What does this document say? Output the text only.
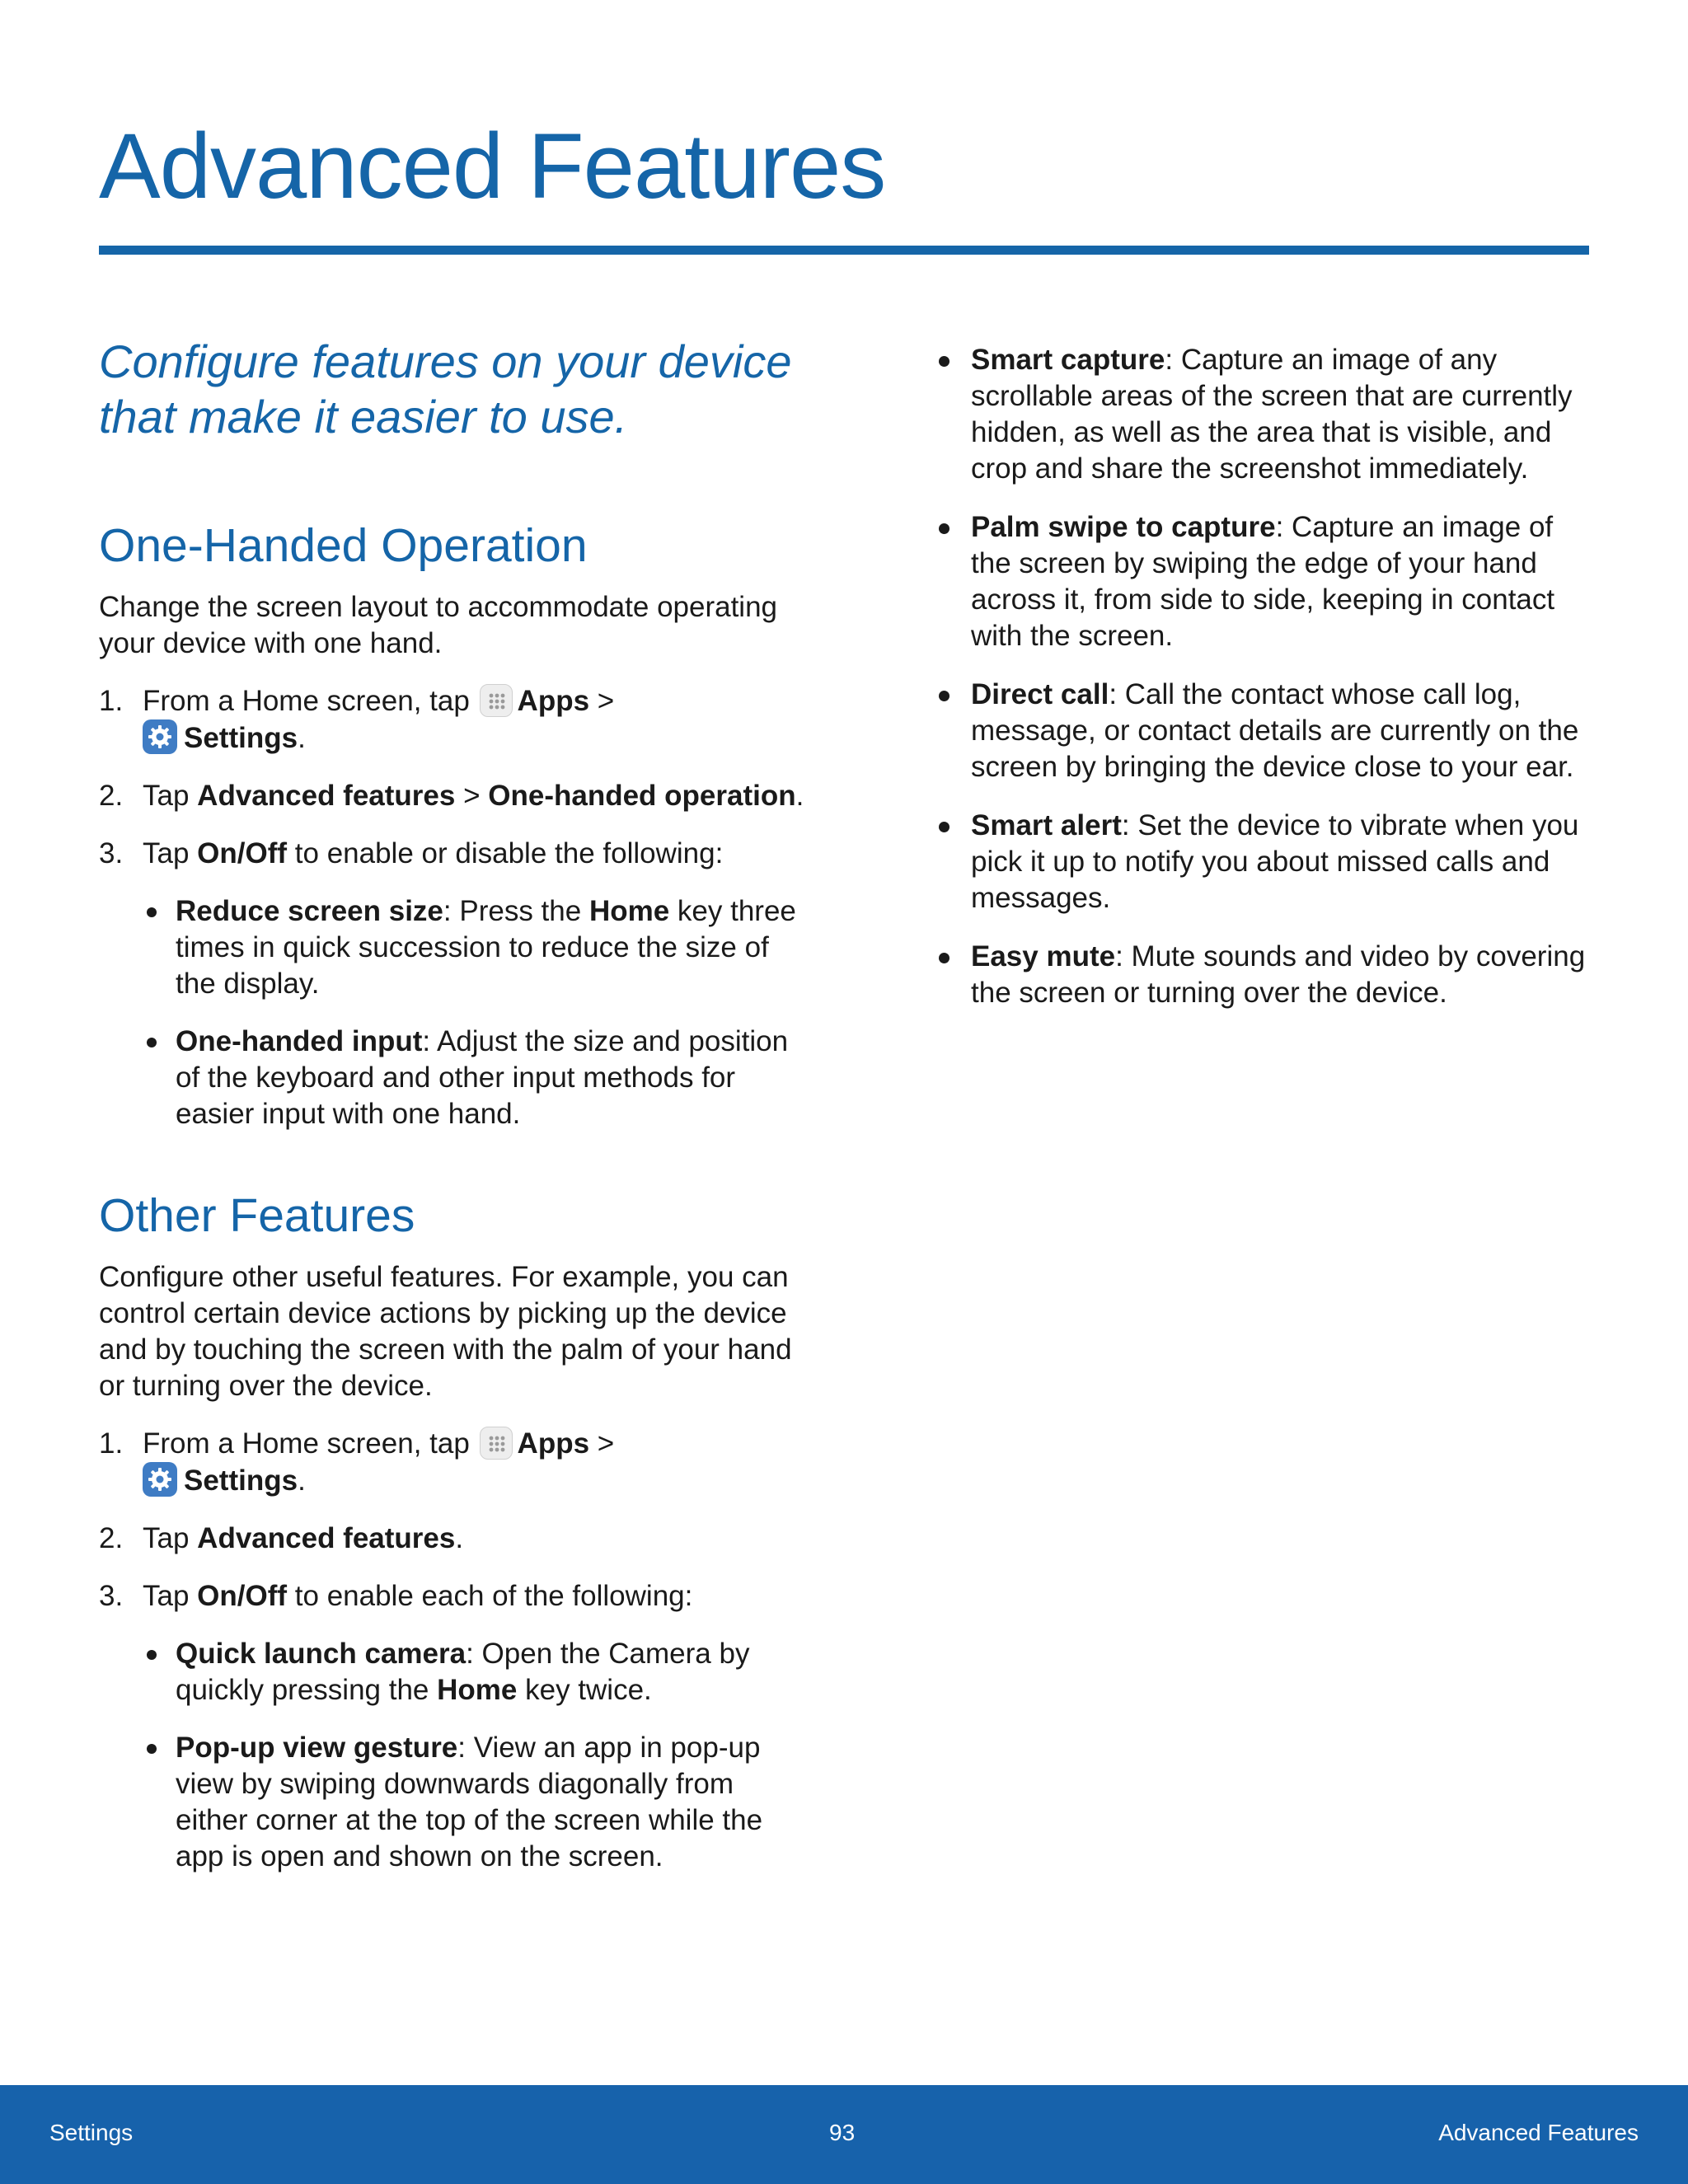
Advanced Features

Configure features on your device that make it easier to use.

One-Handed Operation

Change the screen layout to accommodate operating your device with one hand.

1. From a Home screen, tap Apps >

Settings.
2. Tap Advanced features > One-handed operation.
3. Tap On/Off to enable or disable the following:
Reduce screen size: Press the Home key three times in quick succession to reduce the size of the display.
One-handed input: Adjust the size and position of the keyboard and other input methods for easier input with one hand.
Other Features

Configure other useful features. For example, you can control certain device actions by picking up the device and by touching the screen with the palm of your hand or turning over the device.

1. From a Home screen, tap Apps >

Settings.
2. Tap Advanced features.
3. Tap On/Off to enable each of the following:
Quick launch camera: Open the Camera by quickly pressing the Home key twice.
Pop-up view gesture: View an app in pop-up view by swiping downwards diagonally from either corner at the top of the screen while the app is open and shown on the screen.
Smart capture: Capture an image of any scrollable areas of the screen that are currently hidden, as well as the area that is visible, and crop and share the screenshot immediately.
Palm swipe to capture: Capture an image of the screen by swiping the edge of your hand across it, from side to side, keeping in contact with the screen.
Direct call: Call the contact whose call log, message, or contact details are currently on the screen by bringing the device close to your ear.
Smart alert: Set the device to vibrate when you pick it up to notify you about missed calls and messages.
Easy mute: Mute sounds and video by covering the screen or turning over the device.
Settings	93	Advanced Features
